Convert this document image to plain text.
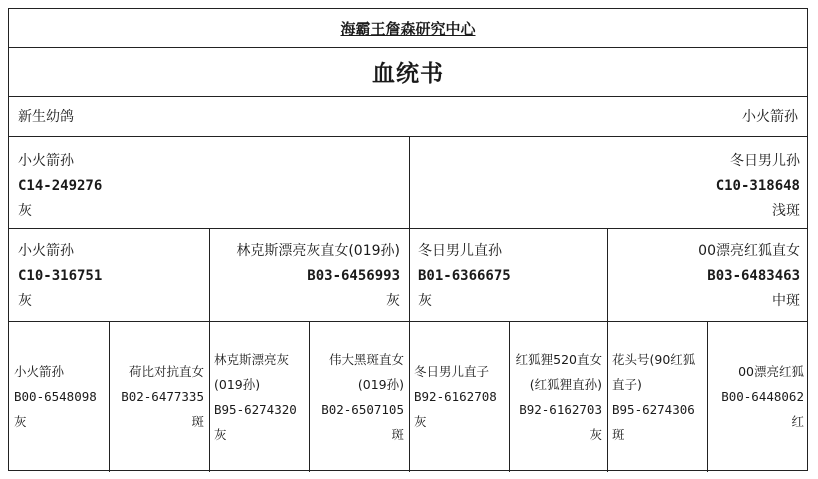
海霸王詹森研究中心
血统书
新生幼鸽	小火箭孙
小火箭孙
C14-249276
灰
冬日男儿孙
C10-318648
浅斑
小火箭孙
C10-316751
灰
林克斯漂亮灰直女(019孙)
B03-6456993
灰
冬日男儿直孙
B01-6366675
灰
00漂亮红狐直女
B03-6483463
中斑
小火箭孙
B00-6548098
灰
荷比对抗直女
B02-6477335
斑
林克斯漂亮灰(019孙)
B95-6274320
灰
伟大黑斑直女(019孙)
B02-6507105
斑
冬日男儿直子
B92-6162708
灰
红狐狸520直女(红狐狸直孙)
B92-6162703
灰
花头号(90红狐直子)
B95-6274306
斑
00漂亮红狐
B00-6448062
红
